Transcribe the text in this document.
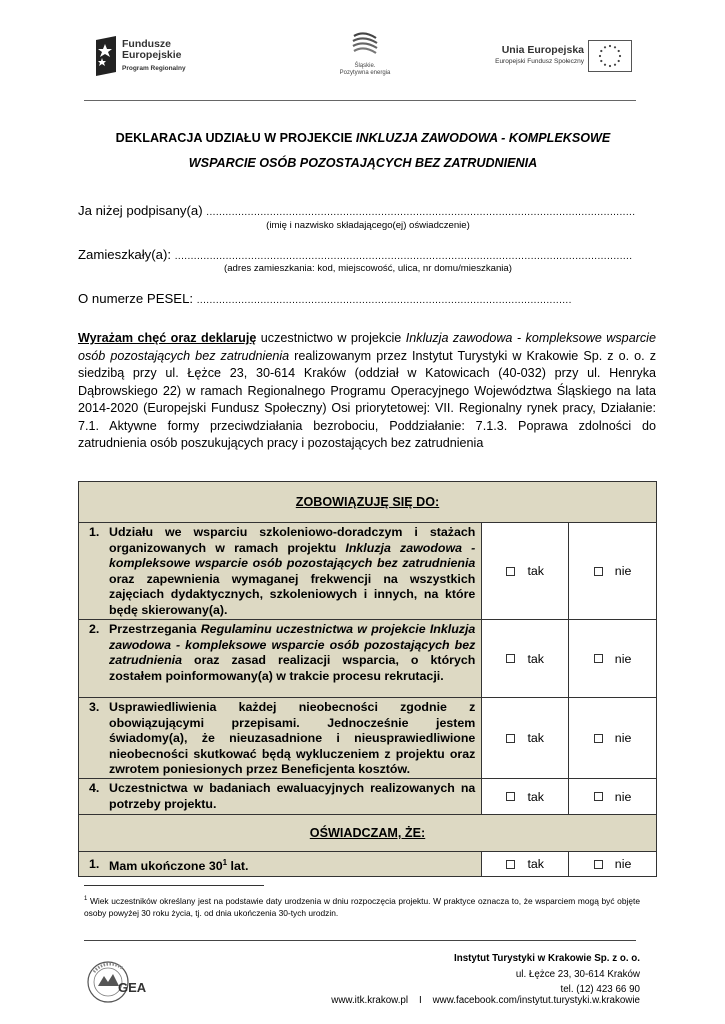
Fundusze
Europejskie
Program Regionalny	Śląskie.
Pozytywna energia
Unia Europejska
Europejski Fundusz Społeczny
DEKLARACJA UDZIAŁU W PROJEKCIE INKLUZJA ZAWODOWA - KOMPLEKSOWE
WSPARCIE OSÓB POZOSTAJĄCYCH BEZ ZATRUDNIENIA
Ja niżej podpisany(a) .......................................................................................................................................
(imię i nazwisko składającego(ej) oświadczenie)
Zamieszkały(a): ................................................................................................................................................
(adres zamieszkania: kod, miejscowość, ulica, nr domu/mieszkania)
O numerze PESEL: ......................................................................................................................
Wyrażam chęć oraz deklaruję uczestnictwo w projekcie Inkluzja zawodowa - kompleksowe wsparcie osób pozostających bez zatrudnienia realizowanym przez Instytut Turystyki w Krakowie Sp. z o. o. z siedzibą przy ul. Łężce 23, 30-614 Kraków (oddział w Katowicach (40-032) przy ul. Henryka Dąbrowskiego 22) w ramach Regionalnego Programu Operacyjnego Województwa Śląskiego na lata 2014-2020 (Europejski Fundusz Społeczny) Osi priorytetowej: VII. Regionalny rynek pracy, Działanie: 7.1. Aktywne formy przeciwdziałania bezrobociu, Poddziałanie: 7.1.3. Poprawa zdolności do zatrudnienia osób poszukujących pracy i pozostających bez zatrudnienia
ZOBOWIĄZUJĘ SIĘ DO:
1. Udziału we wsparciu szkoleniowo-doradczym i stażach organizowanych w ramach projektu Inkluzja zawodowa - kompleksowe wsparcie osób pozostających bez zatrudnienia oraz zapewnienia wymaganej frekwencji na wszystkich zajęciach dydaktycznych, szkoleniowych i innych, na które będę skierowany(a).
tak	nie
2. Przestrzegania Regulaminu uczestnictwa w projekcie Inkluzja zawodowa - kompleksowe wsparcie osób pozostających bez zatrudnienia oraz zasad realizacji wsparcia, o których zostałem poinformowany(a) w trakcie procesu rekrutacji.
tak	nie
3. Usprawiedliwienia każdej nieobecności zgodnie z obowiązującymi przepisami. Jednocześnie jestem świadomy(a), że nieuzasadnione i nieusprawiedliwione nieobecności skutkować będą wykluczeniem z projektu oraz zwrotem poniesionych przez Beneficjenta kosztów.
tak	nie
4. Uczestnictwa w badaniach ewaluacyjnych realizowanych na potrzeby projektu.	tak	nie
OŚWIADCZAM, ŻE:
1. Mam ukończone $30^1$ lat.	tak	nie
$^1$ Wiek uczestników określany jest na podstawie daty urodzenia w dniu rozpoczęcia projektu. W praktyce oznacza to, że wsparciem mogą być objęte osoby powyżej 30 roku życia, tj. od dnia ukończenia 30-tych urodzin.
GEA
Instytut Turystyki w Krakowie Sp. z o. o.
ul. Łężce 23, 30-614 Kraków
tel. (12) 423 66 90
www.itk.krakow.pl I www.facebook.com/instytut.turystyki.w.krakowie
